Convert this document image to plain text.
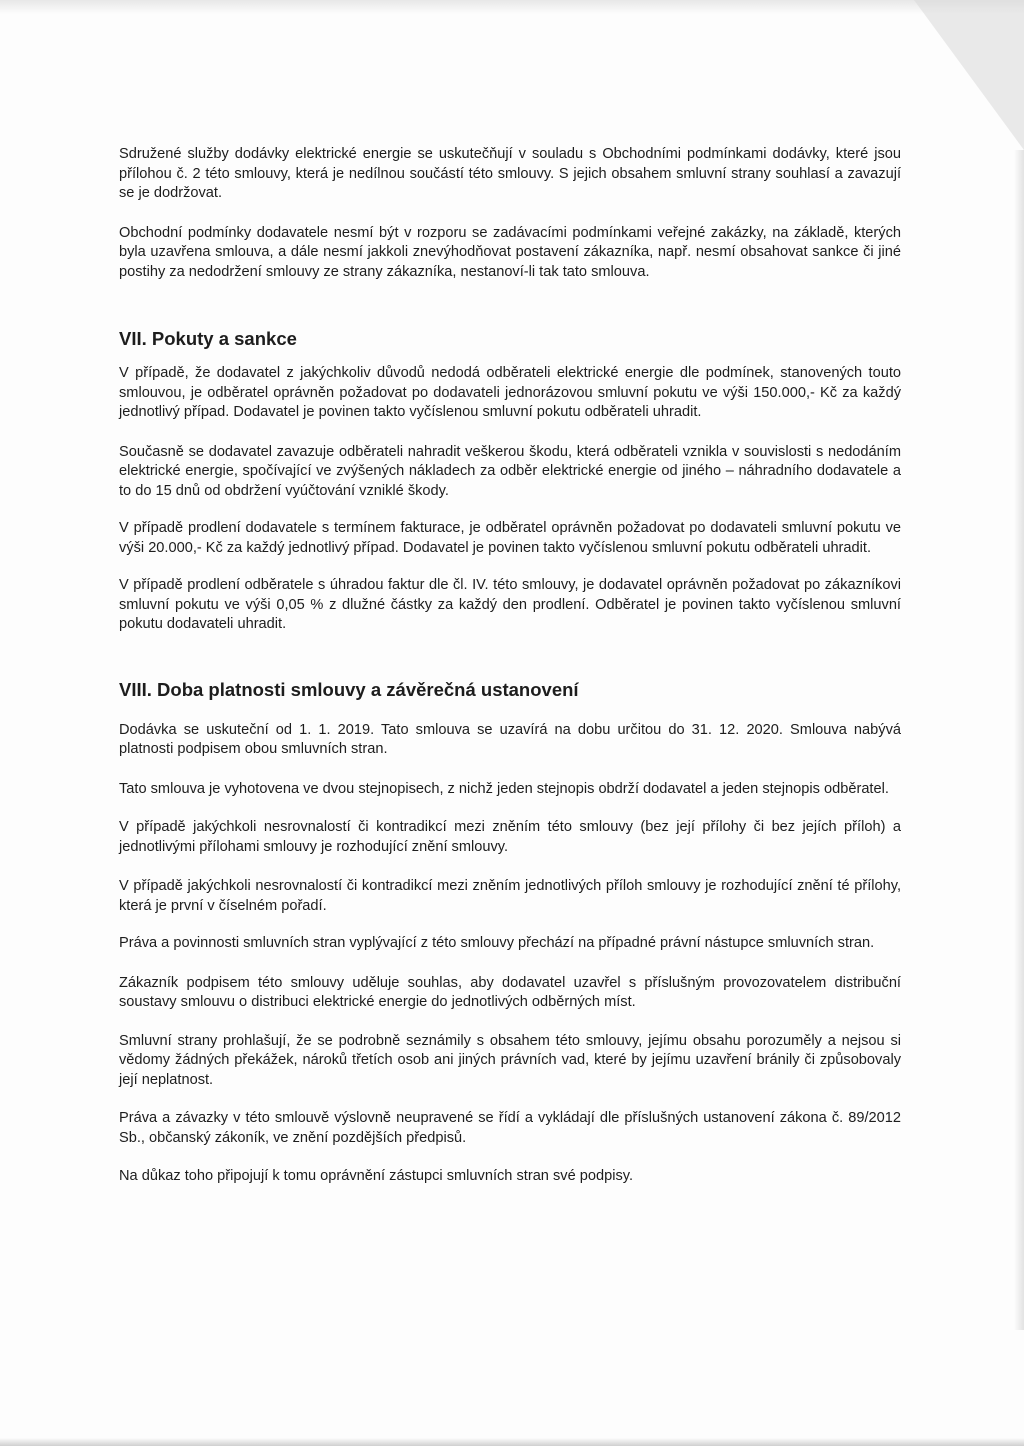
Sdružené služby dodávky elektrické energie se uskutečňují v souladu s Obchodními podmínkami dodávky, které jsou přílohou č. 2 této smlouvy, která je nedílnou součástí této smlouvy. S jejich obsahem smluvní strany souhlasí a zavazují se je dodržovat.

Obchodní podmínky dodavatele nesmí být v rozporu se zadávacími podmínkami veřejné zakázky, na základě, kterých byla uzavřena smlouva, a dále nesmí jakkoli znevýhodňovat postavení zákazníka, např. nesmí obsahovat sankce či jiné postihy za nedodržení smlouvy ze strany zákazníka, nestanoví-li tak tato smlouva.

VII. Pokuty a sankce

V případě, že dodavatel z jakýchkoliv důvodů nedodá odběrateli elektrické energie dle podmínek, stanovených touto smlouvou, je odběratel oprávněn požadovat po dodavateli jednorázovou smluvní pokutu ve výši 150.000,- Kč za každý jednotlivý případ. Dodavatel je povinen takto vyčíslenou smluvní pokutu odběrateli uhradit.

Současně se dodavatel zavazuje odběrateli nahradit veškerou škodu, která odběrateli vznikla v souvislosti s nedodáním elektrické energie, spočívající ve zvýšených nákladech za odběr elektrické energie od jiného – náhradního dodavatele a to do 15 dnů od obdržení vyúčtování vzniklé škody.

V případě prodlení dodavatele s termínem fakturace, je odběratel oprávněn požadovat po dodavateli smluvní pokutu ve výši 20.000,- Kč za každý jednotlivý případ. Dodavatel je povinen takto vyčíslenou smluvní pokutu odběrateli uhradit.

V případě prodlení odběratele s úhradou faktur dle čl. IV. této smlouvy, je dodavatel oprávněn požadovat po zákazníkovi smluvní pokutu ve výši 0,05 % z dlužné částky za každý den prodlení. Odběratel je povinen takto vyčíslenou smluvní pokutu dodavateli uhradit.

VIII. Doba platnosti smlouvy a závěrečná ustanovení

Dodávka se uskuteční od 1. 1. 2019. Tato smlouva se uzavírá na dobu určitou do 31. 12. 2020. Smlouva nabývá platnosti podpisem obou smluvních stran.

Tato smlouva je vyhotovena ve dvou stejnopisech, z nichž jeden stejnopis obdrží dodavatel a jeden stejnopis odběratel.

V případě jakýchkoli nesrovnalostí či kontradikcí mezi zněním této smlouvy (bez její přílohy či bez jejích příloh) a jednotlivými přílohami smlouvy je rozhodující znění smlouvy.

V případě jakýchkoli nesrovnalostí či kontradikcí mezi zněním jednotlivých příloh smlouvy je rozhodující znění té přílohy, která je první v číselném pořadí.

Práva a povinnosti smluvních stran vyplývající z této smlouvy přechází na případné právní nástupce smluvních stran.

Zákazník podpisem této smlouvy uděluje souhlas, aby dodavatel uzavřel s příslušným provozovatelem distribuční soustavy smlouvu o distribuci elektrické energie do jednotlivých odběrných míst.

Smluvní strany prohlašují, že se podrobně seznámily s obsahem této smlouvy, jejímu obsahu porozuměly a nejsou si vědomy žádných překážek, nároků třetích osob ani jiných právních vad, které by jejímu uzavření bránily či způsobovaly její neplatnost.

Práva a závazky v této smlouvě výslovně neupravené se řídí a vykládají dle příslušných ustanovení zákona č. 89/2012 Sb., občanský zákoník, ve znění pozdějších předpisů.

Na důkaz toho připojují k tomu oprávnění zástupci smluvních stran své podpisy.
